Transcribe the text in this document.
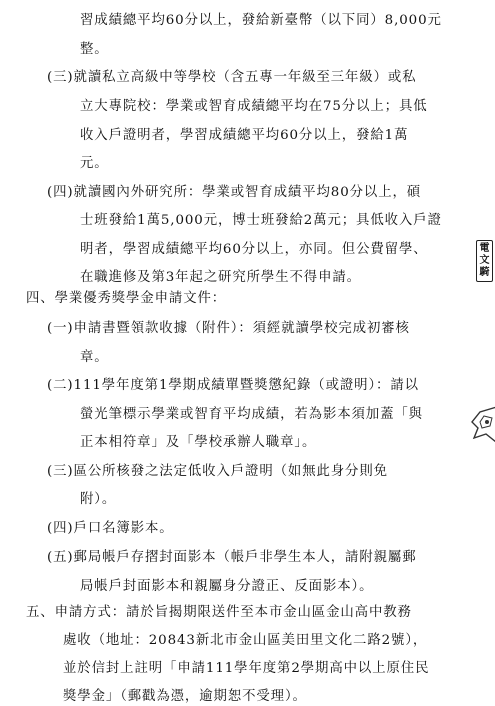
習成績總平均60分以上，發給新臺幣（以下同）8,000元
整。
(三)就讀私立高級中等學校（含五專一年級至三年級）或私
立大專院校：學業或智育成績總平均在75分以上；具低
收入戶證明者，學習成績總平均60分以上，發給1萬
元。
(四)就讀國內外研究所：學業或智育成績平均80分以上，碩
士班發給1萬5,000元，博士班發給2萬元；具低收入戶證
明者，學習成績總平均60分以上，亦同。但公費留學、
在職進修及第3年起之研究所學生不得申請。
四、學業優秀獎學金申請文件：
(一)申請書暨領款收據（附件）：須經就讀學校完成初審核
章。
(二)111學年度第1學期成績單暨獎懲紀錄（或證明）：請以
螢光筆標示學業或智育平均成績，若為影本須加蓋「與
正本相符章」及「學校承辦人職章」。
(三)區公所核發之法定低收入戶證明（如無此身分則免
附）。
(四)戶口名簿影本。
(五)郵局帳戶存摺封面影本（帳戶非學生本人，請附親屬郵
局帳戶封面影本和親屬身分證正、反面影本）。
五、申請方式：請於旨揭期限送件至本市金山區金山高中教務
處收（地址：20843新北市金山區美田里文化二路2號），
並於信封上註明「申請111學年度第2學期高中以上原住民
獎學金」（郵戳為憑，逾期恕不受理）。
電
文
騎
